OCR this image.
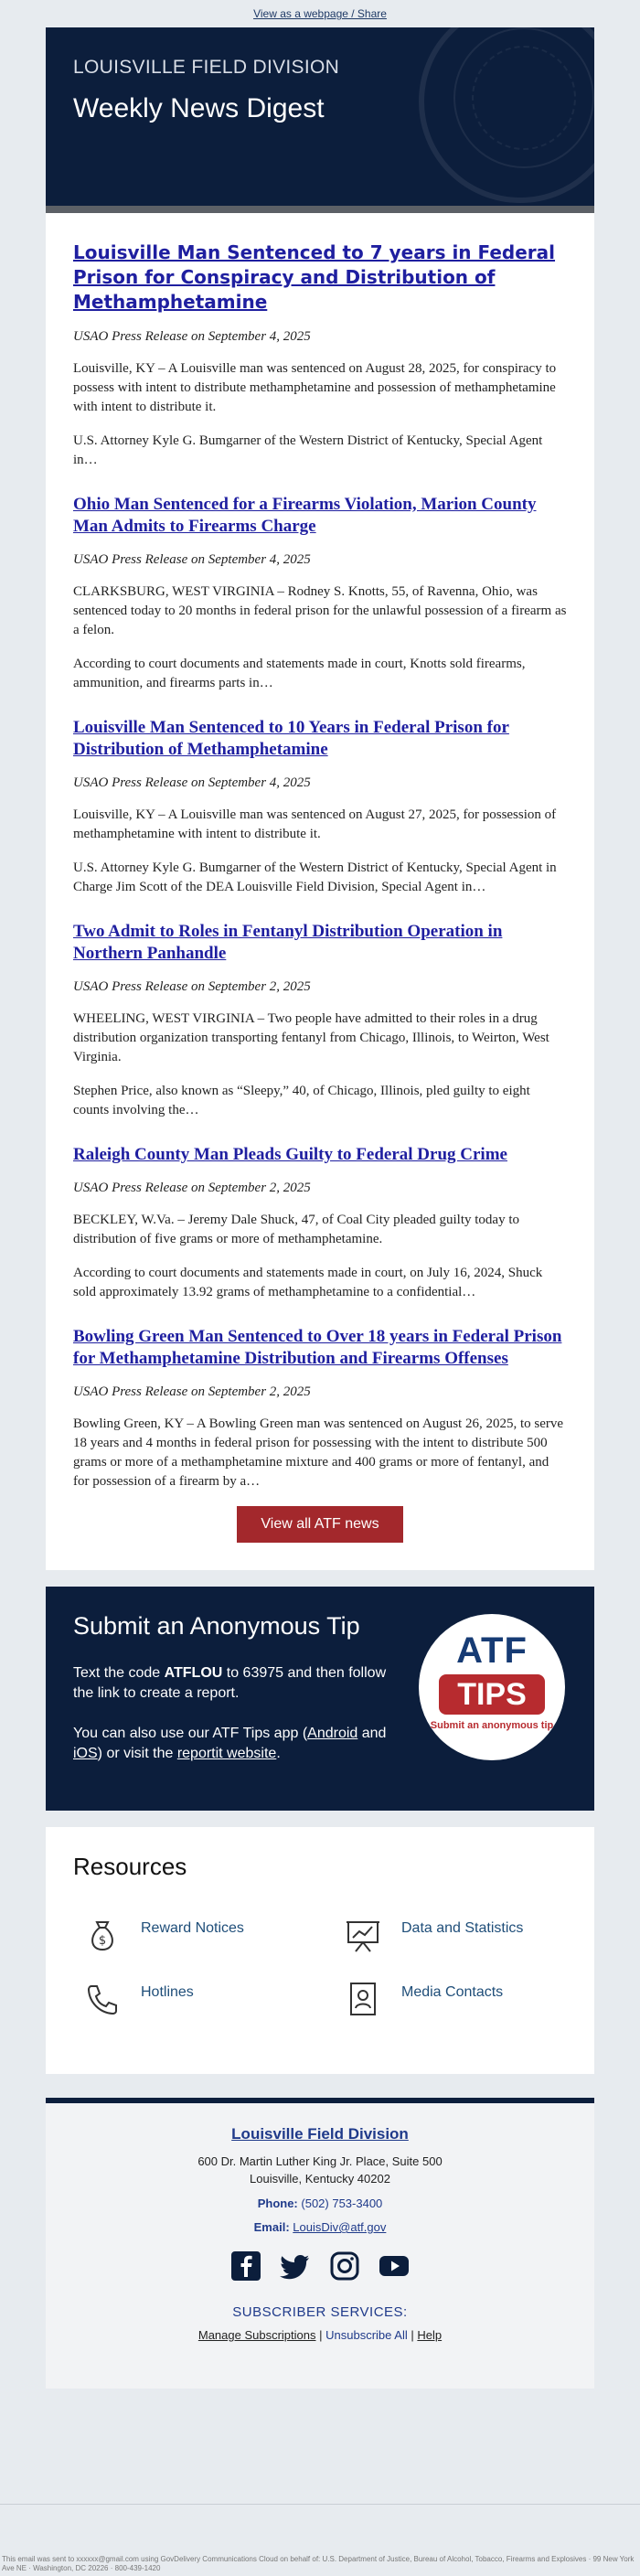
View as a webpage / Share
LOUISVILLE FIELD DIVISION
Weekly News Digest
Louisville Man Sentenced to 7 years in Federal Prison for Conspiracy and Distribution of Methamphetamine
USAO Press Release on September 4, 2025

Louisville, KY – A Louisville man was sentenced on August 28, 2025, for conspiracy to possess with intent to distribute methamphetamine and possession of methamphetamine with intent to distribute it.

U.S. Attorney Kyle G. Bumgarner of the Western District of Kentucky, Special Agent in…

Ohio Man Sentenced for a Firearms Violation, Marion County Man Admits to Firearms Charge
USAO Press Release on September 4, 2025

CLARKSBURG, WEST VIRGINIA – Rodney S. Knotts, 55, of Ravenna, Ohio, was sentenced today to 20 months in federal prison for the unlawful possession of a firearm as a felon.

According to court documents and statements made in court, Knotts sold firearms, ammunition, and firearms parts in…

Louisville Man Sentenced to 10 Years in Federal Prison for Distribution of Methamphetamine
USAO Press Release on September 4, 2025

Louisville, KY – A Louisville man was sentenced on August 27, 2025, for possession of methamphetamine with intent to distribute it.

U.S. Attorney Kyle G. Bumgarner of the Western District of Kentucky, Special Agent in Charge Jim Scott of the DEA Louisville Field Division, Special Agent in…

Two Admit to Roles in Fentanyl Distribution Operation in Northern Panhandle
USAO Press Release on September 2, 2025

WHEELING, WEST VIRGINIA – Two people have admitted to their roles in a drug distribution organization transporting fentanyl from Chicago, Illinois, to Weirton, West Virginia.

Stephen Price, also known as “Sleepy,” 40, of Chicago, Illinois, pled guilty to eight counts involving the…

Raleigh County Man Pleads Guilty to Federal Drug Crime
USAO Press Release on September 2, 2025

BECKLEY, W.Va. – Jeremy Dale Shuck, 47, of Coal City pleaded guilty today to distribution of five grams or more of methamphetamine.

According to court documents and statements made in court, on July 16, 2024, Shuck sold approximately 13.92 grams of methamphetamine to a confidential…

Bowling Green Man Sentenced to Over 18 years in Federal Prison for Methamphetamine Distribution and Firearms Offenses
USAO Press Release on September 2, 2025

Bowling Green, KY – A Bowling Green man was sentenced on August 26, 2025, to serve 18 years and 4 months in federal prison for possessing with the intent to distribute 500 grams or more of a methamphetamine mixture and 400 grams or more of fentanyl, and for possession of a firearm by a…

View all ATF news
Submit an Anonymous Tip
Text the code ATFLOU to 63975 and then follow the link to create a report.
You can also use our ATF Tips app (Android and iOS) or visit the reportit website.
ATF
TIPS
Submit an anonymous tip
Resources
$
Reward Notices	Data and Statistics
Hotlines	Media Contacts
Louisville Field Division
600 Dr. Martin Luther King Jr. Place, Suite 500
Louisville, Kentucky 40202
Phone: (502) 753-3400
Email: LouisDiv@atf.gov
SUBSCRIBER SERVICES:
Manage Subscriptions | Unsubscribe All | Help
This email was sent to xxxxxx@gmail.com using GovDelivery Communications Cloud on behalf of: U.S. Department of Justice, Bureau of Alcohol, Tobacco, Firearms and Explosives · 99 New York Ave NE · Washington, DC 20226 · 800-439-1420
